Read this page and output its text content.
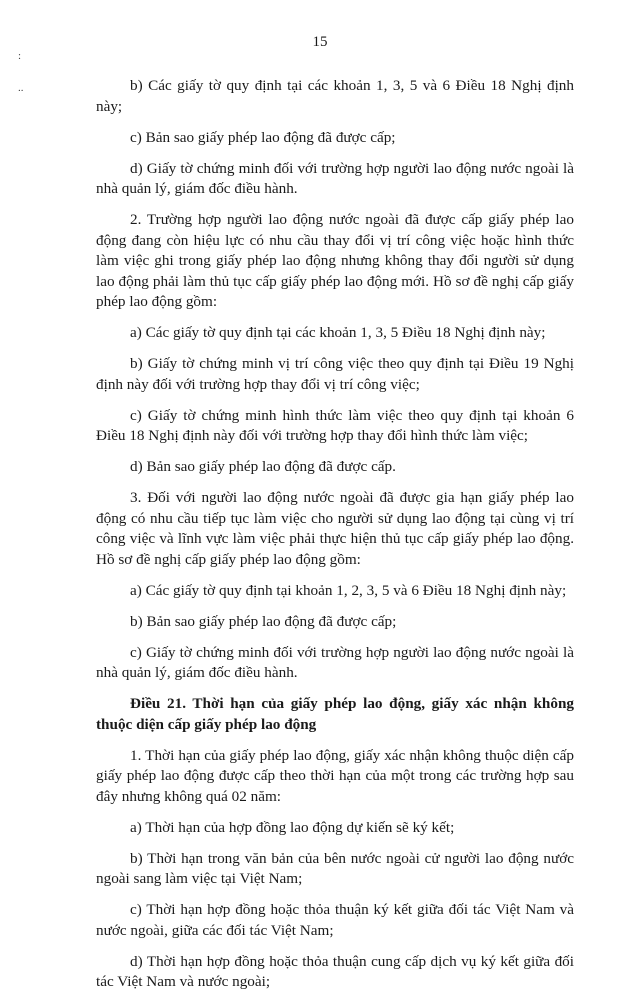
15
:
..	b) Các giấy tờ quy định tại các khoản 1, 3, 5 và 6 Điều 18 Nghị định này;

c) Bản sao giấy phép lao động đã được cấp;

d) Giấy tờ chứng minh đối với trường hợp người lao động nước ngoài là nhà quản lý, giám đốc điều hành.

2. Trường hợp người lao động nước ngoài đã được cấp giấy phép lao động đang còn hiệu lực có nhu cầu thay đổi vị trí công việc hoặc hình thức làm việc ghi trong giấy phép lao động nhưng không thay đổi người sử dụng lao động phải làm thủ tục cấp giấy phép lao động mới. Hồ sơ đề nghị cấp giấy phép lao động gồm:

a) Các giấy tờ quy định tại các khoản 1, 3, 5 Điều 18 Nghị định này;

b) Giấy tờ chứng minh vị trí công việc theo quy định tại Điều 19 Nghị định này đối với trường hợp thay đổi vị trí công việc;

c) Giấy tờ chứng minh hình thức làm việc theo quy định tại khoản 6 Điều 18 Nghị định này đối với trường hợp thay đổi hình thức làm việc;

d) Bản sao giấy phép lao động đã được cấp.

3. Đối với người lao động nước ngoài đã được gia hạn giấy phép lao động có nhu cầu tiếp tục làm việc cho người sử dụng lao động tại cùng vị trí công việc và lĩnh vực làm việc phải thực hiện thủ tục cấp giấy phép lao động. Hồ sơ đề nghị cấp giấy phép lao động gồm:

a) Các giấy tờ quy định tại khoản 1, 2, 3, 5 và 6 Điều 18 Nghị định này;

b) Bản sao giấy phép lao động đã được cấp;

c) Giấy tờ chứng minh đối với trường hợp người lao động nước ngoài là nhà quản lý, giám đốc điều hành.

Điều 21. Thời hạn của giấy phép lao động, giấy xác nhận không thuộc diện cấp giấy phép lao động

1. Thời hạn của giấy phép lao động, giấy xác nhận không thuộc diện cấp giấy phép lao động được cấp theo thời hạn của một trong các trường hợp sau đây nhưng không quá 02 năm:

a) Thời hạn của hợp đồng lao động dự kiến sẽ ký kết;

b) Thời hạn trong văn bản của bên nước ngoài cử người lao động nước ngoài sang làm việc tại Việt Nam;

c) Thời hạn hợp đồng hoặc thỏa thuận ký kết giữa đối tác Việt Nam và nước ngoài, giữa các đối tác Việt Nam;

d) Thời hạn hợp đồng hoặc thỏa thuận cung cấp dịch vụ ký kết giữa đối tác Việt Nam và nước ngoài;
